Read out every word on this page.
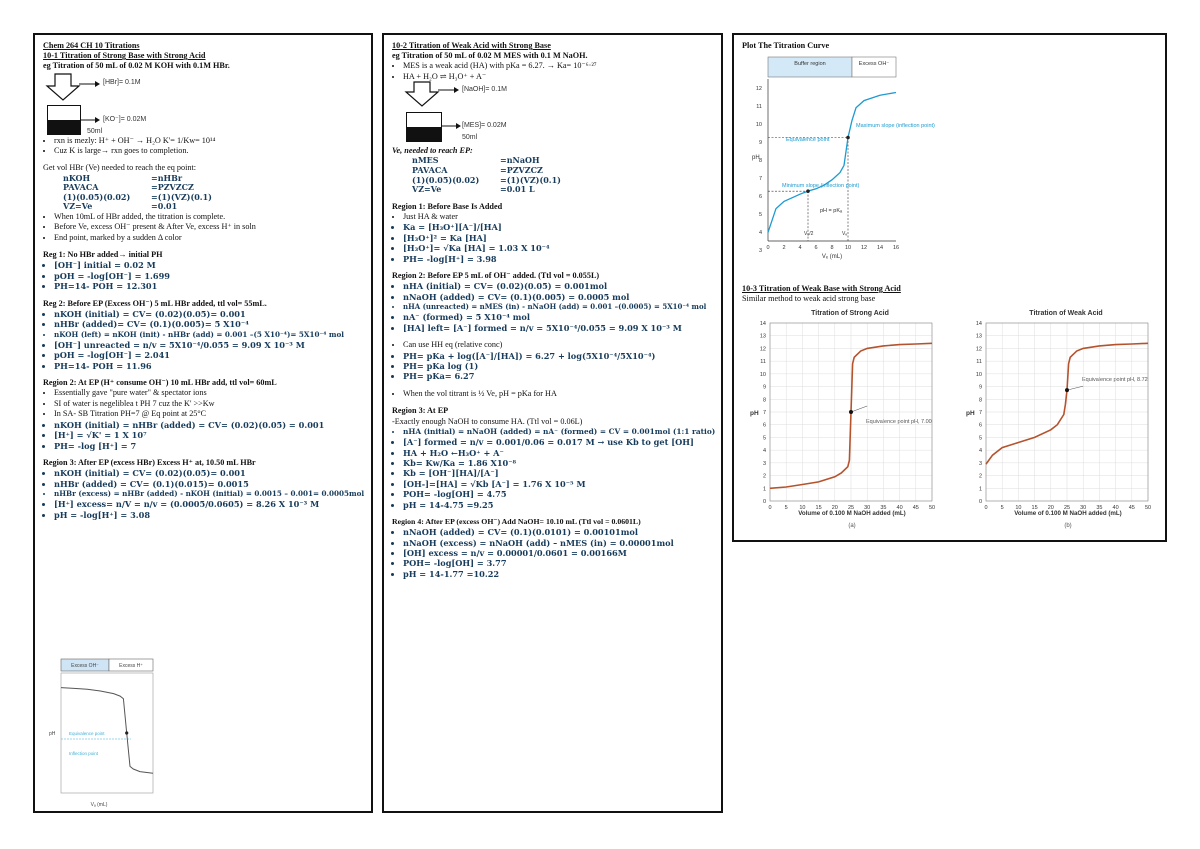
Chem 264 CH 10 Titrations
10-1 Titration of Strong Base with Strong Acid
eg Titration of 50 mL of 0.02 M KOH with 0.1M HBr.
[HBr]= 0.1M
[KO⁻]= 0.02M
50ml
• rxn is mezly: H⁺ + OH⁻ → H₂O K'= 1/Kw= 10¹⁴
• Cuz K is large→ rxn goes to completion.
Get vol HBr (Ve) needed to reach the eq point:
nKOH	=nHBr
PAVACA	=PZVZCZ
(1)(0.05)(0.02)	=(1)(VZ)(0.1)
VZ=Ve	=0.01
• When 10mL of HBr added, the titration is complete.
• Before Ve, excess OH⁻ present & After Ve, excess H⁺ in soln
• End point, marked by a sudden Δ color
Reg 1: No HBr added→ initial PH
• [OH⁻] initial = 0.02 M
• pOH = -log[OH⁻] = 1.699
• PH=14- POH = 12.301
Reg 2: Before EP (Excess OH⁻) 5 mL HBr added, ttl vol= 55mL.
• nKOH (initial) = CV= (0.02)(0.05)= 0.001
• nHBr (added)= CV= (0.1)(0.005)= 5 X10⁻⁴
• nKOH (left) = nKOH (init) - nHBr (add) = 0.001 –(5 X10⁻⁴)= 5X10⁻⁴ mol
• [OH⁻] unreacted = n/v = 5X10⁻⁴/0.055 = 9.09 X 10⁻³ M
• pOH = -log[OH⁻] = 2.041
• PH=14- POH = 11.96
Region 2: At EP (H⁺ consume OH⁻) 10 mL HBr add, ttl vol= 60mL
• Essentially gave "pure water" & spectator ions
• SI of water is negeliblea t PH 7 cuz the K' >>Kw
• In SA- SB Titration PH=7 @ Eq point at 25°C
• nKOH (initial) = nHBr (added) = CV= (0.02)(0.05) = 0.001
• [H⁺] = √K' = 1 X 10⁷
• PH= -log [H⁺] = 7
Region 3: After EP (excess HBr) Excess H⁺ at, 10.50 mL HBr
• nKOH (initial) = CV= (0.02)(0.05)= 0.001
• nHBr (added) = CV= (0.1)(0.015)= 0.0015
• nHBr (excess) = nHBr (added) - nKOH (initial) = 0.0015 – 0.001= 0.0005mol
• [H⁺] excess= n/V = n/v = (0.0005/0.0605) = 8.26 X 10⁻³ M
• pH = -log[H⁺] = 3.08
Excess OH⁻	Excess H⁺
Equivalence point
Inflection point
pH
Vₐ (mL)
10-2 Titration of Weak Acid with Strong Base
eg Titration of 50 mL of 0.02 M MES with 0.1 M NaOH.
• MES is a weak acid (HA) with pKa = 6.27. → Ka= 10⁻⁶·²⁷
• HA + H₂O ⇌ H₃O⁺ + A⁻
[NaOH]= 0.1M
[MES]= 0.02M
50ml
Ve, needed to reach EP:
nMES	=nNaOH
PAVACA	=PZVZCZ
(1)(0.05)(0.02)	=(1)(VZ)(0.1)
VZ=Ve	=0.01 L
Region 1: Before Base Is Added
• Just HA & water
• Ka = [H₃O⁺][A⁻]/[HA]
• [H₃O⁺]² = Ka [HA]
• [H₃O⁺]= √Ka [HA] = 1.03 X 10⁻⁴
• PH= -log[H⁺] = 3.98
Region 2: Before EP 5 mL of OH⁻ added. (Ttl vol = 0.055L)
• nHA (initial) = CV= (0.02)(0.05) = 0.001mol
• nNaOH (added) = CV= (0.1)(0.005) = 0.0005 mol
• nHA (unreacted) = nMES (in) - nNaOH (add) = 0.001 –(0.0005) = 5X10⁻⁴ mol
• nA⁻ (formed) = 5 X10⁻⁴ mol
• [HA] left= [A⁻] formed = n/v = 5X10⁻⁴/0.055 = 9.09 X 10⁻³ M
• Can use HH eq (relative conc)
• PH= pKa + log([A⁻]/[HA]) = 6.27 + log(5X10⁻⁴/5X10⁻⁴)
• PH= pKa log (1)
• PH= pKa= 6.27
• When the vol titrant is ½ Ve, pH = pKa for HA
Region 3: At EP
-Exactly enough NaOH to consume HA. (Ttl vol = 0.06L)
• nHA (initial) = nNaOH (added) = nA⁻ (formed) = CV = 0.001mol (1:1 ratio)
• [A⁻] formed = n/v = 0.001/0.06 = 0.017 M → use Kb to get [OH]
• HA + H₂O ←H₃O⁺ + A⁻
• Kb= Kw/Ka = 1.86 X10⁻⁸
• Kb = [OH⁻][HA]/[A⁻]
• [OH-]=[HA] = √Kb [A⁻] = 1.76 X 10⁻⁵ M
• POH= -log[OH] = 4.75
• pH = 14-4.75 =9.25
Region 4: After EP (excess OH⁻) Add NaOH= 10.10 mL (Ttl vol = 0.0601L)
• nNaOH (added) = CV= (0.1)(0.0101) = 0.00101mol
• nNaOH (excess) = nNaOH (add) – nMES (in) = 0.00001mol
• [OH] excess = n/v = 0.00001/0.0601 = 0.00166M
• POH= -log[OH] = 3.77
• pH = 14-1.77 =10.22
Plot The Titration Curve
Buffer region	Excess OH⁻
pH
Vₑ (mL)
0 2 4 6 8 10 12 14 16
3
4
5
6
7
8
9
10
11
12
Equivalence point
Maximum slope (inflection point)
Minimum slope (inflection point)
pH = pKₐ
Vₑ/2	Vₑ
10-3 Titration of Weak Base with Strong Acid
Similar method to weak acid strong base
Titration of Strong Acid
pH
Volume of 0.100 M NaOH added (mL)
(a)
Equivalence point pH, 7.00
0
1
2
3
4
5
6
7
8
9
10
11
12
13
14
0 5 10 15 20 25 30 35 40 45 50
Titration of Weak Acid
pH
Volume of 0.100 M NaOH added (mL)
(b)
Equivalence point pH, 8.72
0
1
2
3
4
5
6
7
8
9
10
11
12
13
14
0 5 10 15 20 25 30 35 40 45 50
